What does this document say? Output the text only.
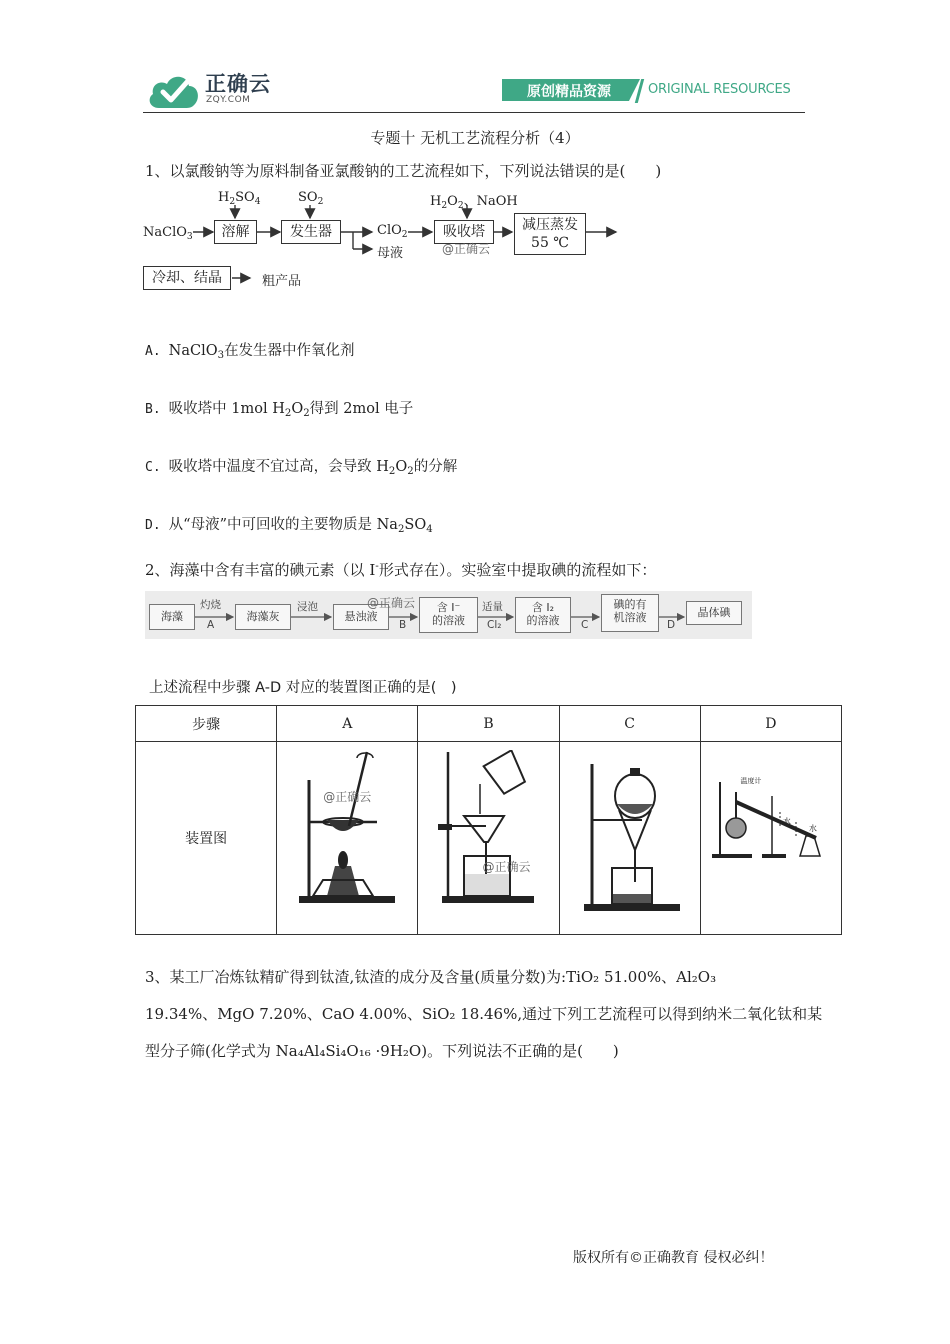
正确云
ZQY.COM	原创精品资源	ORIGINAL RESOURCES
专题十 无机工艺流程分析（4）
1、以氯酸钠等为原料制备亚氯酸钠的工艺流程如下，下列说法错误的是(　　)
NaClO$_3$
$H_2SO_4$
溶解
$SO_2$
发生器	ClO$_2$
母液
$H_2O_2$、NaOH
吸收塔
@正确云
减压蒸发
55 ℃
冷却、结晶	粗产品
A. NaClO$_3$在发生器中作氧化剂
B. 吸收塔中 1mol $H_2O_2$得到 2mol 电子
C. 吸收塔中温度不宜过高，会导致 $H_2O_2$的分解
D. 从“母液”中可回收的主要物质是 $Na_2SO_4$
2、海藻中含有丰富的碘元素（以 I-形式存在）。实验室中提取碘的流程如下：
海藻	海藻灰	悬浊液
含 I⁻
的溶液
含 I₂
的溶液
碘的有
机溶液	晶体碘
灼烧
A
浸泡
B
适量
Cl₂	C	D
@正确云
上述流程中步骤 A-D 对应的装置图正确的是(　)
步骤	A	B	C	D
装置图	@正确云	@正确云		温度计
水
水
3、某工厂冶炼钛精矿得到钛渣,钛渣的成分及含量(质量分数)为:TiO₂ 51.00%、Al₂O₃
19.34%、MgO 7.20%、CaO 4.00%、SiO₂ 18.46%,通过下列工艺流程可以得到纳米二氧化钛和某
型分子筛(化学式为 Na₄Al₄Si₄O₁₆ ·9H₂O)。下列说法不正确的是(　　)
版权所有©正确教育 侵权必纠！
